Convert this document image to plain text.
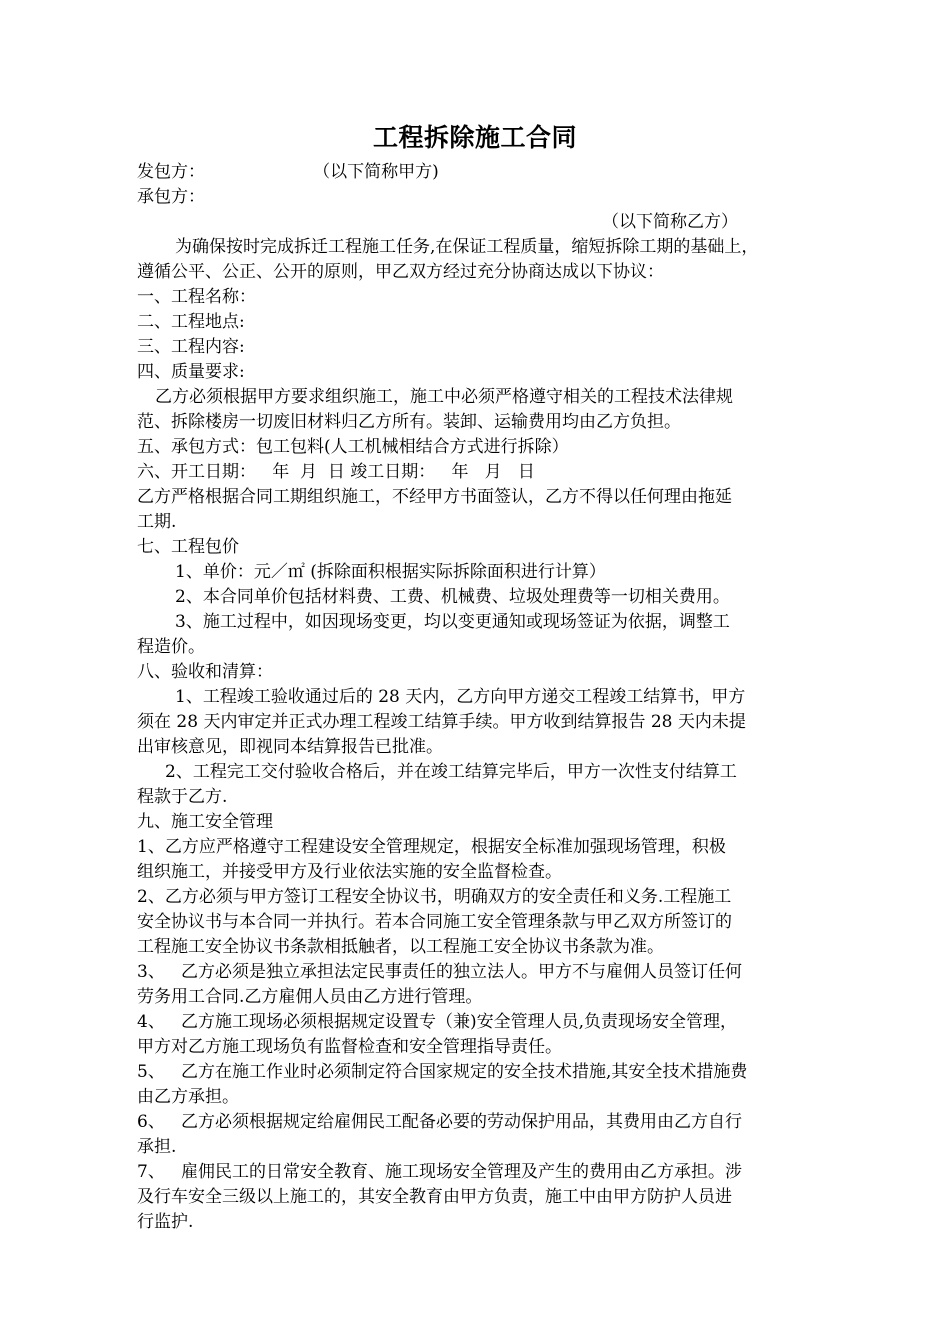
工程拆除施工合同

发包方：                    （以下简称甲方)

承包方：

（以下简称乙方）

为确保按时完成拆迁工程施工任务,在保证工程质量，缩短拆除工期的基础上，

遵循公平、公正、公开的原则，甲乙双方经过充分协商达成以下协议：

一、工程名称：

二、工程地点:

三、工程内容:

四、质量要求:

乙方必须根据甲方要求组织施工，施工中必须严格遵守相关的工程技术法律规

范、拆除楼房一切废旧材料归乙方所有。装卸、运输费用均由乙方负担。

五、承包方式：包工包料(人工机械相结合方式进行拆除）

六、开工日期：   年  月  日 竣工日期：   年   月   日

乙方严格根据合同工期组织施工，不经甲方书面签认，乙方不得以任何理由拖延

工期.

七、工程包价

1、单价：元／㎡ (拆除面积根据实际拆除面积进行计算）

2、本合同单价包括材料费、工费、机械费、垃圾处理费等一切相关费用。

3、施工过程中，如因现场变更，均以变更通知或现场签证为依据，调整工

程造价。

八、验收和清算：

1、工程竣工验收通过后的 28 天内，乙方向甲方递交工程竣工结算书，甲方

须在 28 天内审定并正式办理工程竣工结算手续。甲方收到结算报告 28 天内未提

出审核意见，即视同本结算报告已批准。

2、工程完工交付验收合格后，并在竣工结算完毕后，甲方一次性支付结算工

程款于乙方.

九、施工安全管理

1、乙方应严格遵守工程建设安全管理规定，根据安全标准加强现场管理，积极

组织施工，并接受甲方及行业依法实施的安全监督检查。

2、乙方必须与甲方签订工程安全协议书，明确双方的安全责任和义务.工程施工

安全协议书与本合同一并执行。若本合同施工安全管理条款与甲乙双方所签订的

工程施工安全协议书条款相抵触者，以工程施工安全协议书条款为准。

3、   乙方必须是独立承担法定民事责任的独立法人。甲方不与雇佣人员签订任何

劳务用工合同.乙方雇佣人员由乙方进行管理。

4、   乙方施工现场必须根据规定设置专（兼)安全管理人员,负责现场安全管理，

甲方对乙方施工现场负有监督检查和安全管理指导责任。

5、   乙方在施工作业时必须制定符合国家规定的安全技术措施,其安全技术措施费

由乙方承担。

6、   乙方必须根据规定给雇佣民工配备必要的劳动保护用品，其费用由乙方自行

承担.

7、   雇佣民工的日常安全教育、施工现场安全管理及产生的费用由乙方承担。涉

及行车安全三级以上施工的，其安全教育由甲方负责，施工中由甲方防护人员进

行监护.
